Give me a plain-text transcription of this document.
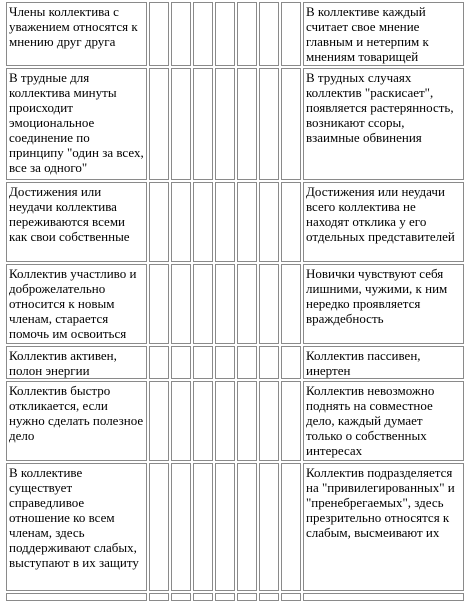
Члены коллектива с уважением относятся к мнению друг друга								В коллективе каждый считает свое мнение главным и нетерпим к мнениям товарищей
В трудные для коллектива минуты происходит эмоциональное соединение по принципу "один за всех, все за одного"								В трудных случаях коллектив "раскисает", появляется растерянность, возникают ссоры, взаимные обвинения
Достижения или неудачи коллектива переживаются всеми как свои собственные								Достижения или неудачи всего коллектива не находят отклика у его отдельных представителей
Коллектив участливо и доброжелательно относится к новым членам, старается помочь им освоиться								Новички чувствуют себя лишними, чужими, к ним нередко проявляется враждебность
Коллектив активен, полон энергии								Коллектив пассивен, инертен
Коллектив быстро откликается, если нужно сделать полезное дело								Коллектив невозможно поднять на совместное дело, каждый думает только о собственных интересах
В коллективе существует справедливое отношение ко всем членам, здесь поддерживают слабых, выступают в их защиту								Коллектив подразделяется на "привилегированных" и "пренебрегаемых", здесь презрительно относятся к слабым, высмеивают их
